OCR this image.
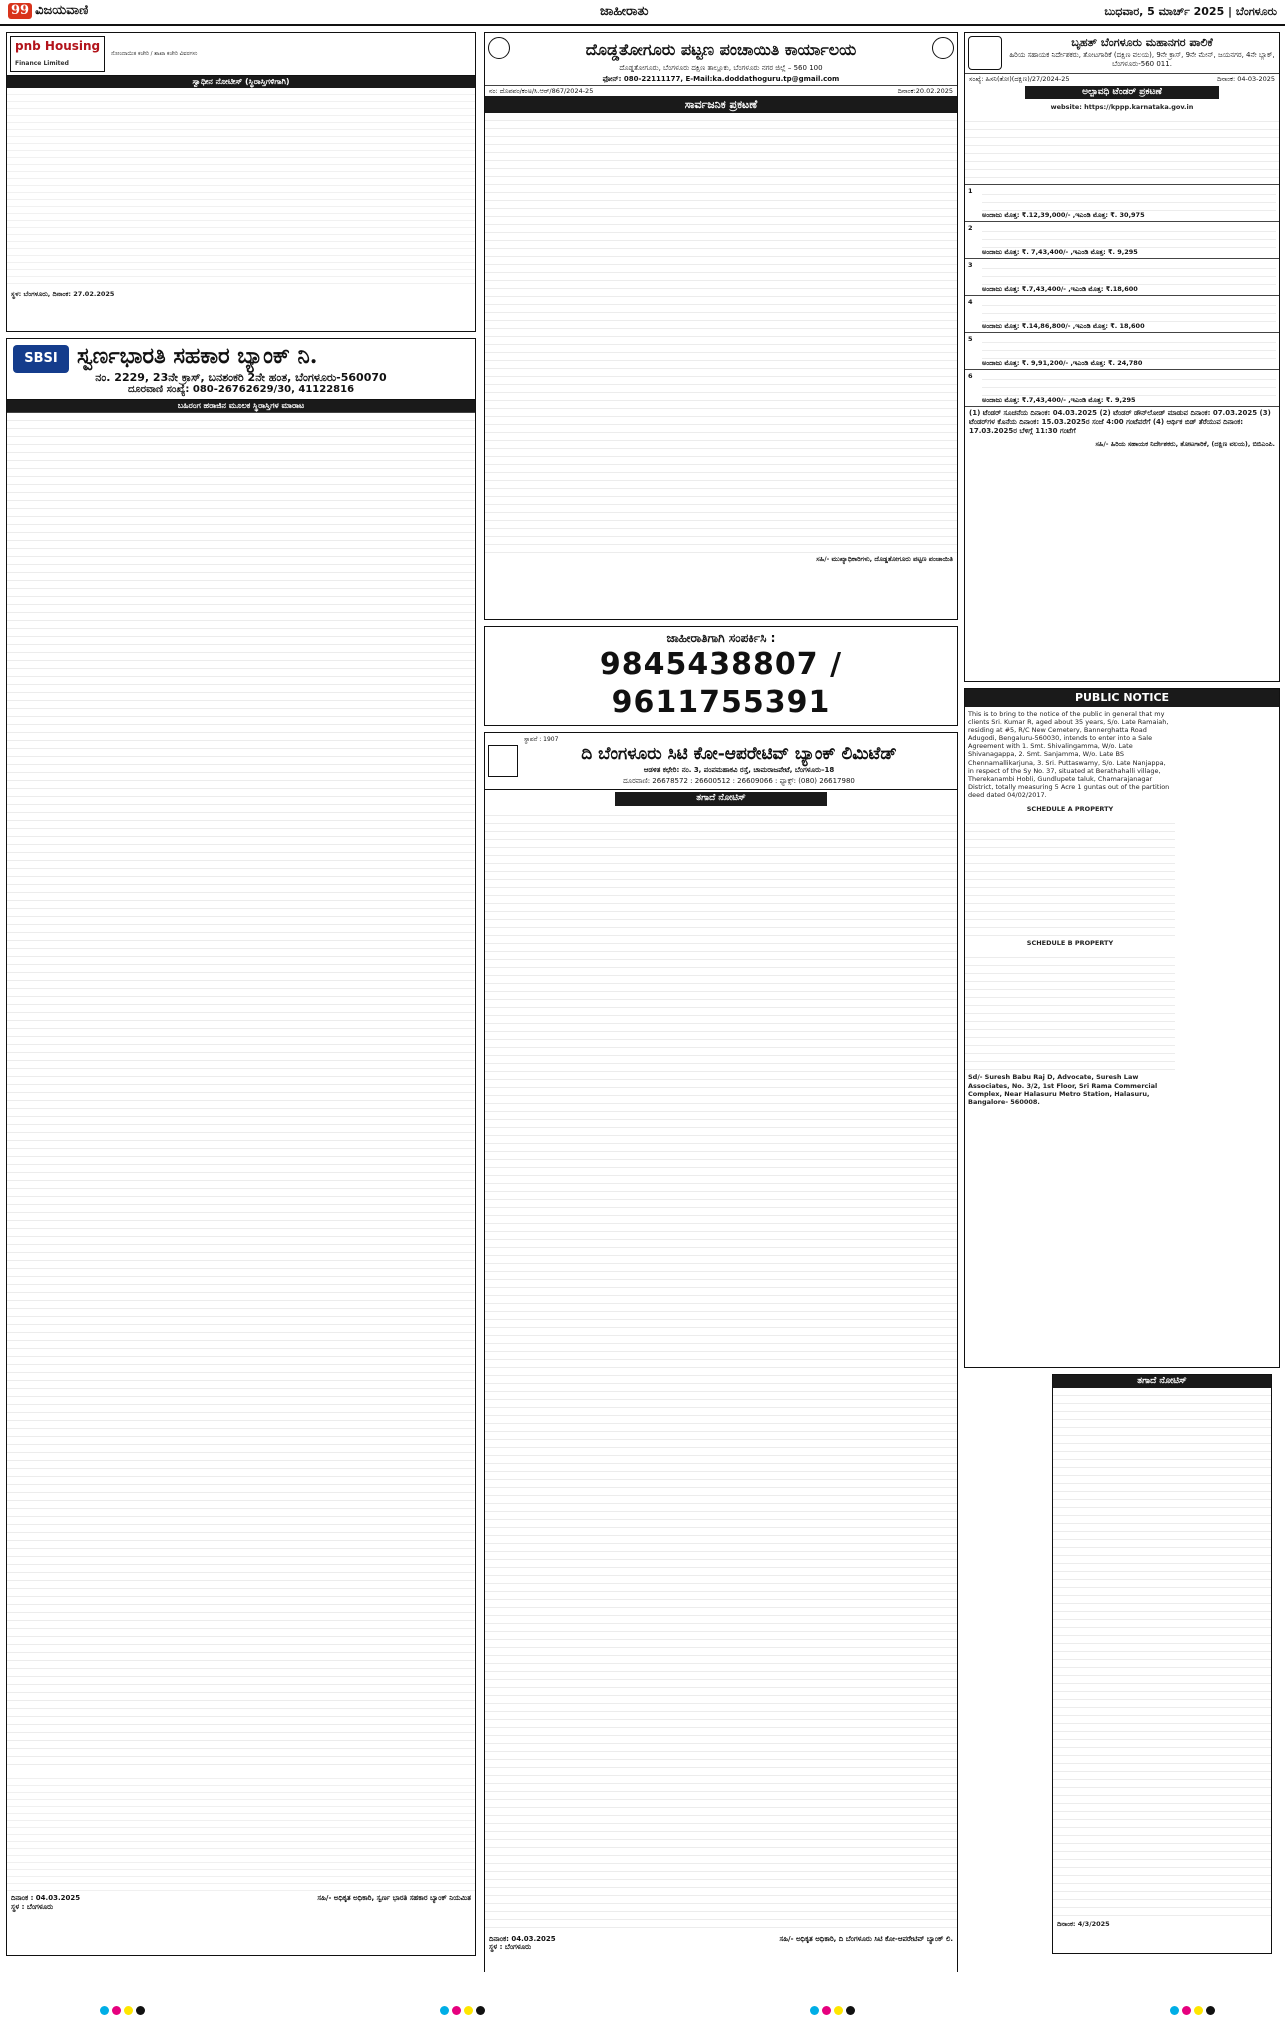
99 ವಿಜಯವಾಣಿ	ಜಾಹೀರಾತು	ಬುಧವಾರ, 5 ಮಾರ್ಚ್ 2025 | ಬೆಂಗಳೂರು
pnb Housing
Finance Limited
ನೋಂದಾಯಿತ ಕಚೇರಿ / ಶಾಖಾ ಕಚೇರಿ ವಿವರಗಳು
ಸ್ವಾಧೀನ ನೋಟೀಸ್ (ಸ್ಥಿರಾಸ್ತಿಗಳಿಗಾಗಿ)
ಸ್ಥಳ: ಬೆಂಗಳೂರು, ದಿನಾಂಕ: 27.02.2025
SBSI ಸ್ವರ್ಣಭಾರತಿ ಸಹಕಾರ ಬ್ಯಾಂಕ್ ನಿ.
ನಂ. 2229, 23ನೇ ಕ್ರಾಸ್, ಬನಶಂಕರಿ 2ನೇ ಹಂತ, ಬೆಂಗಳೂರು-560070
ದೂರವಾಣಿ ಸಂಖ್ಯೆ: 080-26762629/30, 41122816
ಬಹಿರಂಗ ಹರಾಜಿನ ಮೂಲಕ ಸ್ಥಿರಾಸ್ತಿಗಳ ಮಾರಾಟ
ದಿನಾಂಕ : 04.03.2025
ಸ್ಥಳ : ಬೆಂಗಳೂರು
ಸಹಿ/- ಅಧಿಕೃತ ಅಧಿಕಾರಿ, ಸ್ವರ್ಣ ಭಾರತಿ ಸಹಕಾರ ಬ್ಯಾಂಕ್ ನಿಯಮಿತ
ದೊಡ್ಡತೋಗೂರು ಪಟ್ಟಣ ಪಂಚಾಯಿತಿ ಕಾರ್ಯಾಲಯ
ದೊಡ್ಡತೋಗೂರು, ಬೆಂಗಳೂರು ದಕ್ಷಿಣ ತಾಲ್ಲೂಕು, ಬೆಂಗಳೂರು ನಗರ ಜಿಲ್ಲೆ – 560 100
ಫೋನ್: 080-22111177, E-Mail:ka.doddathoguru.tp@gmail.com
ನಂ: ದೊಪಪಂ/ಕಂಅ/ಸಿ.ಆರ್/867/2024-25	ದಿನಾಂಕ:20.02.2025
ಸಾರ್ವಜನಿಕ ಪ್ರಕಟಣೆ
ಸಹಿ/- ಮುಖ್ಯಾಧಿಕಾರಿಗಳು, ದೊಡ್ಡತೋಗೂರು ಪಟ್ಟಣ ಪಂಚಾಯಿತಿ
ಜಾಹೀರಾತಿಗಾಗಿ ಸಂಪರ್ಕಿಸಿ :
9845438807 / 9611755391
ಸ್ಥಾಪನೆ : 1907
ದಿ ಬೆಂಗಳೂರು ಸಿಟಿ ಕೋ-ಆಪರೇಟಿವ್ ಬ್ಯಾಂಕ್ ಲಿಮಿಟೆಡ್
ಆಡಳಿತ ಕಛೇರಿ: ನಂ. 3, ಪಂಪಮಹಾಕವಿ ರಸ್ತೆ, ಚಾಮರಾಜಪೇಟೆ, ಬೆಂಗಳೂರು–18
ದೂರವಾಣಿ: 26678572 : 26600512 : 26609066 : ಫ್ಯಾಕ್ಸ್: (080) 26617980
ತಗಾದೆ ನೋಟಿಸ್
ದಿನಾಂಕ: 04.03.2025
ಸ್ಥಳ : ಬೆಂಗಳೂರು
ಸಹಿ/- ಅಧಿಕೃತ ಅಧಿಕಾರಿ, ದಿ ಬೆಂಗಳೂರು ಸಿಟಿ ಕೋ-ಆಪರೇಟಿವ್ ಬ್ಯಾಂಕ್ ಲಿ.
ಬೃಹತ್ ಬೆಂಗಳೂರು ಮಹಾನಗರ ಪಾಲಿಕೆ
ಹಿರಿಯ ಸಹಾಯಕ ನಿರ್ದೇಶಕರು, ತೋಟಗಾರಿಕೆ (ದಕ್ಷಿಣ ವಲಯ), 9ನೇ ಕ್ರಾಸ್, 9ನೇ ಮೇನ್, ಜಯನಗರ, 4ನೇ ಬ್ಲಾಕ್, ಬೆಂಗಳೂರು-560 011.
ಸಂಖ್ಯೆ: ಹಿಸನಿ(ತೋ)(ದಕ್ಷಿಣ)/27/2024-25	ದಿನಾಂಕ: 04-03-2025
ಅಲ್ಪಾವಧಿ ಟೆಂಡರ್ ಪ್ರಕಟಣೆ
website: https://kppp.karnataka.gov.in
1
ಅಂದಾಜು ಮೊತ್ತ: ₹.12,39,000/- ,ಇಎಂಡಿ ಮೊತ್ತ: ₹. 30,975
2
ಅಂದಾಜು ಮೊತ್ತ: ₹. 7,43,400/- ,ಇಎಂಡಿ ಮೊತ್ತ: ₹. 9,295
3
ಅಂದಾಜು ಮೊತ್ತ: ₹.7,43,400/- ,ಇಎಂಡಿ ಮೊತ್ತ: ₹.18,600
4
ಅಂದಾಜು ಮೊತ್ತ: ₹.14,86,800/- ,ಇಎಂಡಿ ಮೊತ್ತ: ₹. 18,600
5
ಅಂದಾಜು ಮೊತ್ತ: ₹. 9,91,200/- ,ಇಎಂಡಿ ಮೊತ್ತ: ₹. 24,780
6
ಅಂದಾಜು ಮೊತ್ತ: ₹.7,43,400/- ,ಇಎಂಡಿ ಮೊತ್ತ: ₹. 9,295
(1) ಟೆಂಡರ್ ಸೂಚನೆಯ ದಿನಾಂಕ: 04.03.2025 (2) ಟೆಂಡರ್ ಡೌನ್‌ಲೋಡ್ ಮಾಡುವ ದಿನಾಂಕ: 07.03.2025 (3) ಟೆಂಡರ್‌ಗಳ ಕೊನೆಯ ದಿನಾಂಕ: 15.03.2025ರ ಸಂಜೆ 4:00 ಗಂಟೆವರೆಗೆ (4) ಆರ್ಥಿಕ ಬಿಡ್ ತೆರೆಯುವ ದಿನಾಂಕ: 17.03.2025ರ ಬೆಳಿಗ್ಗೆ 11:30 ಗಂಟೆಗೆ
ಸಹಿ/- ಹಿರಿಯ ಸಹಾಯಕ ನಿರ್ದೇಶಕರು, ತೋಟಗಾರಿಕೆ, (ದಕ್ಷಿಣ ವಲಯ), ಬಿಬಿಎಂಪಿ.
PUBLIC NOTICE
This is to bring to the notice of the public in general that my clients Sri. Kumar R, aged about 35 years, S/o. Late Ramaiah, residing at #5, R/C New Cemetery, Bannerghatta Road Adugodi, Bengaluru-560030, intends to enter into a Sale Agreement with 1. Smt. Shivalingamma, W/o. Late Shivanagappa, 2. Smt. Sanjamma, W/o. Late BS Chennamallikarjuna, 3. Sri. Puttaswamy, S/o. Late Nanjappa, in respect of the Sy No. 37, situated at Berathahalli village, Therekanambi Hobli, Gundlupete taluk, Chamarajanagar District, totally measuring 5 Acre 1 guntas out of the partition deed dated 04/02/2017.
SCHEDULE A PROPERTY
SCHEDULE B PROPERTY
Sd/- Suresh Babu Raj D, Advocate, Suresh Law Associates, No. 3/2, 1st Floor, Sri Rama Commercial Complex, Near Halasuru Metro Station, Halasuru, Bangalore- 560008.
ತಗಾದೆ ನೋಟಿಸ್
ದಿನಾಂಕ: 4/3/2025
